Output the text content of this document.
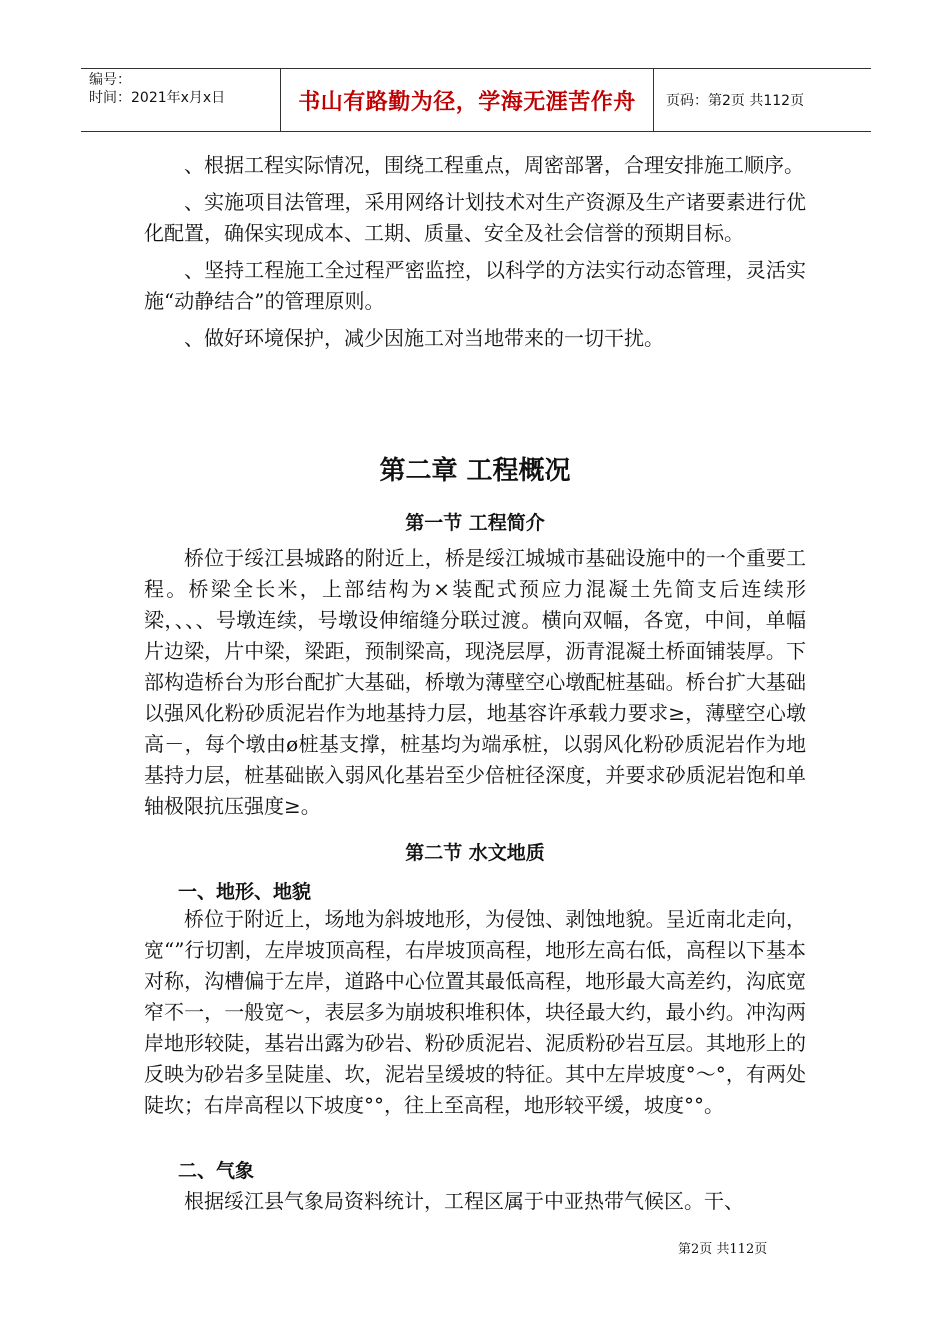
编号：
时间：2021年x月x日	书山有路勤为径，学海无涯苦作舟	页码：第2页 共112页

、根据工程实际情况，围绕工程重点，周密部署，合理安排施工顺序。

、实施项目法管理，采用网络计划技术对生产资源及生产诸要素进行优化配置，确保实现成本、工期、质量、安全及社会信誉的预期目标。

、坚持工程施工全过程严密监控，以科学的方法实行动态管理，灵活实施“动静结合”的管理原则。

、做好环境保护，减少因施工对当地带来的一切干扰。

第二章 工程概况
第一节 工程简介

桥位于绥江县城路的附近上，桥是绥江城城市基础设施中的一个重要工程。桥梁全长米，上部结构为×装配式预应力混凝土先简支后连续形梁，、、、号墩连续，号墩设伸缩缝分联过渡。横向双幅，各宽，中间，单幅片边梁，片中梁，梁距，预制梁高，现浇层厚，沥青混凝土桥面铺装厚。下部构造桥台为形台配扩大基础，桥墩为薄壁空心墩配桩基础。桥台扩大基础以强风化粉砂质泥岩作为地基持力层，地基容许承载力要求≥，薄壁空心墩高－，每个墩由ø桩基支撑，桩基均为端承桩，以弱风化粉砂质泥岩作为地基持力层，桩基础嵌入弱风化基岩至少倍桩径深度，并要求砂质泥岩饱和单轴极限抗压强度≥。

第二节 水文地质
一、地形、地貌

桥位于附近上，场地为斜坡地形，为侵蚀、剥蚀地貌。呈近南北走向，宽“”行切割，左岸坡顶高程，右岸坡顶高程，地形左高右低，高程以下基本对称，沟槽偏于左岸，道路中心位置其最低高程，地形最大高差约，沟底宽窄不一，一般宽～，表层多为崩坡积堆积体，块径最大约，最小约。冲沟两岸地形较陡，基岩出露为砂岩、粉砂质泥岩、泥质粉砂岩互层。其地形上的反映为砂岩多呈陡崖、坎，泥岩呈缓坡的特征。其中左岸坡度°～°，有两处陡坎；右岸高程以下坡度°°，往上至高程，地形较平缓，坡度°°。

二、气象

根据绥江县气象局资料统计，工程区属于中亚热带气候区。干、

第2页 共112页
